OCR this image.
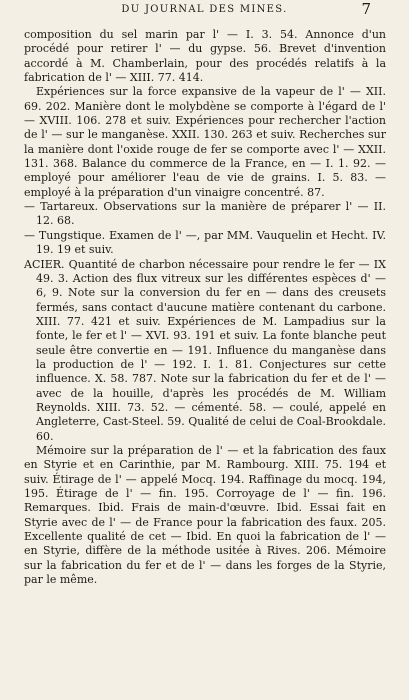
DU JOURNAL DES MINES.	7

composition du sel marin par l' — I. 3. 54. Annonce d'un procédé pour retirer l' — du gypse. 56. Brevet d'invention accordé à M. Chamberlain, pour des procédés relatifs à la fabrication de l' — XIII. 77. 414.

Expériences sur la force expansive de la vapeur de l' — XII. 69. 202. Manière dont le molybdène se comporte à l'égard de l' — XVIII. 106. 278 et suiv. Expériences pour rechercher l'action de l' — sur le manganèse. XXII. 130. 263 et suiv. Recherches sur la manière dont l'oxide rouge de fer se comporte avec l' — XXII. 131. 368. Balance du commerce de la France, en — I. 1. 92. — employé pour améliorer l'eau de vie de grains. I. 5. 83. — employé à la préparation d'un vinaigre concentré. 87.

— Tartareux. Observations sur la manière de préparer l' — II. 12. 68.

— Tungstique. Examen de l' —, par MM. Vauquelin et Hecht. IV. 19. 19 et suiv.

ACIER. Quantité de charbon nécessaire pour rendre le fer — IX 49. 3. Action des flux vitreux sur les différentes espèces d' — 6, 9. Note sur la conversion du fer en — dans des creusets fermés, sans contact d'aucune matière contenant du carbone. XIII. 77. 421 et suiv. Expériences de M. Lampadius sur la fonte, le fer et l' — XVI. 93. 191 et suiv. La fonte blanche peut seule être convertie en — 191. Influence du manganèse dans la production de l' — 192. I. 1. 81. Conjectures sur cette influence. X. 58. 787. Note sur la fabrication du fer et de l' — avec de la houille, d'après les procédés de M. William Reynolds. XIII. 73. 52. — cémenté. 58. — coulé, appelé en Angleterre, Cast-Steel. 59. Qualité de celui de Coal-Brookdale. 60.

Mémoire sur la préparation de l' — et la fabrication des faux en Styrie et en Carinthie, par M. Rambourg. XIII. 75. 194 et suiv. Étirage de l' — appelé Mocq. 194. Raffinage du mocq. 194, 195. Étirage de l' — fin. 195. Corroyage de l' — fin. 196. Remarques. Ibid. Frais de main-d'œuvre. Ibid. Essai fait en Styrie avec de l' — de France pour la fabrication des faux. 205. Excellente qualité de cet — Ibid. En quoi la fabrication de l' — en Styrie, diffère de la méthode usitée à Rives. 206. Mémoire sur la fabrication du fer et de l' — dans les forges de la Styrie, par le même.
